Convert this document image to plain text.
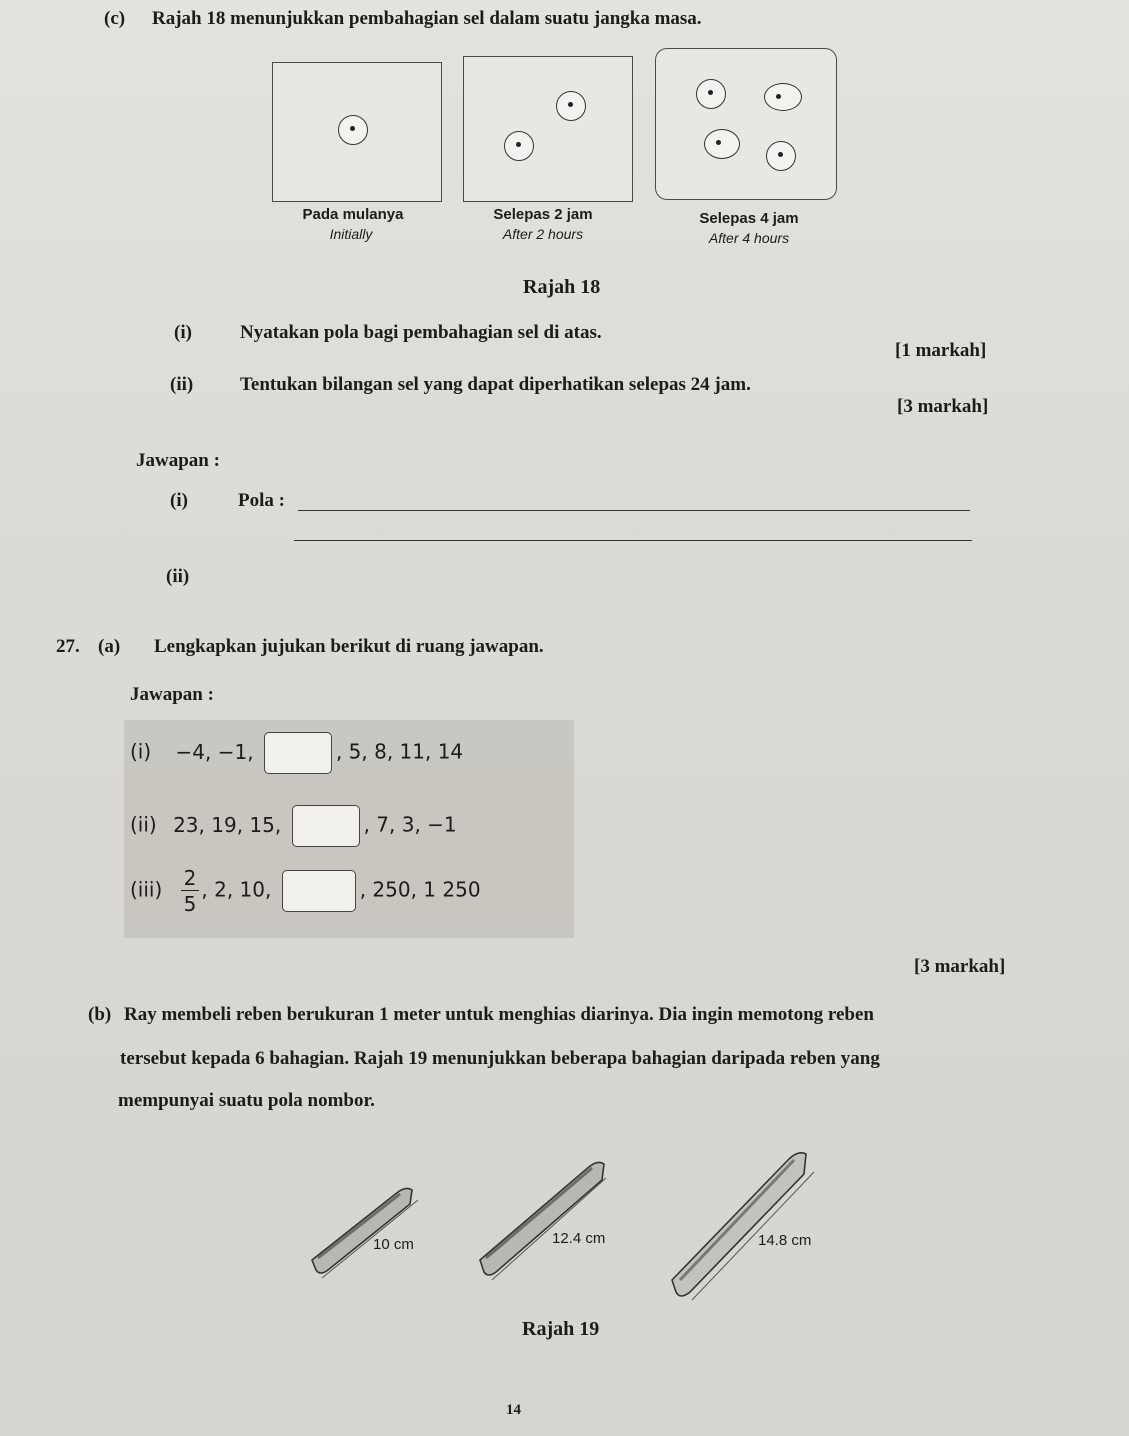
(c) Rajah 18 menunjukkan pembahagian sel dalam suatu jangka masa.
Pada mulanya
Initially
Selepas 2 jam
After 2 hours
Selepas 4 jam
After 4 hours
Rajah 18
(i)	Nyatakan pola bagi pembahagian sel di atas.
[1 markah]
(ii) Tentukan bilangan sel yang dapat diperhatikan selepas 24 jam.
[3 markah]
Jawapan :
(i)	Pola :
(ii)
27. (a) Lengkapkan jujukan berikut di ruang jawapan.
Jawapan :
(i) −4, −1,	, 5, 8, 11, 14
(ii) 23, 19, 15,	, 7, 3, −1
$(iii) \frac{2}{5}$ , 2, 10,	, 250, 1 250
[3 markah]
(b) Ray membeli reben berukuran 1 meter untuk menghias diarinya. Dia ingin memotong reben
tersebut kepada 6 bahagian. Rajah 19 menunjukkan beberapa bahagian daripada reben yang
mempunyai suatu pola nombor.
10 cm	12.4 cm	14.8 cm
Rajah 19
14
